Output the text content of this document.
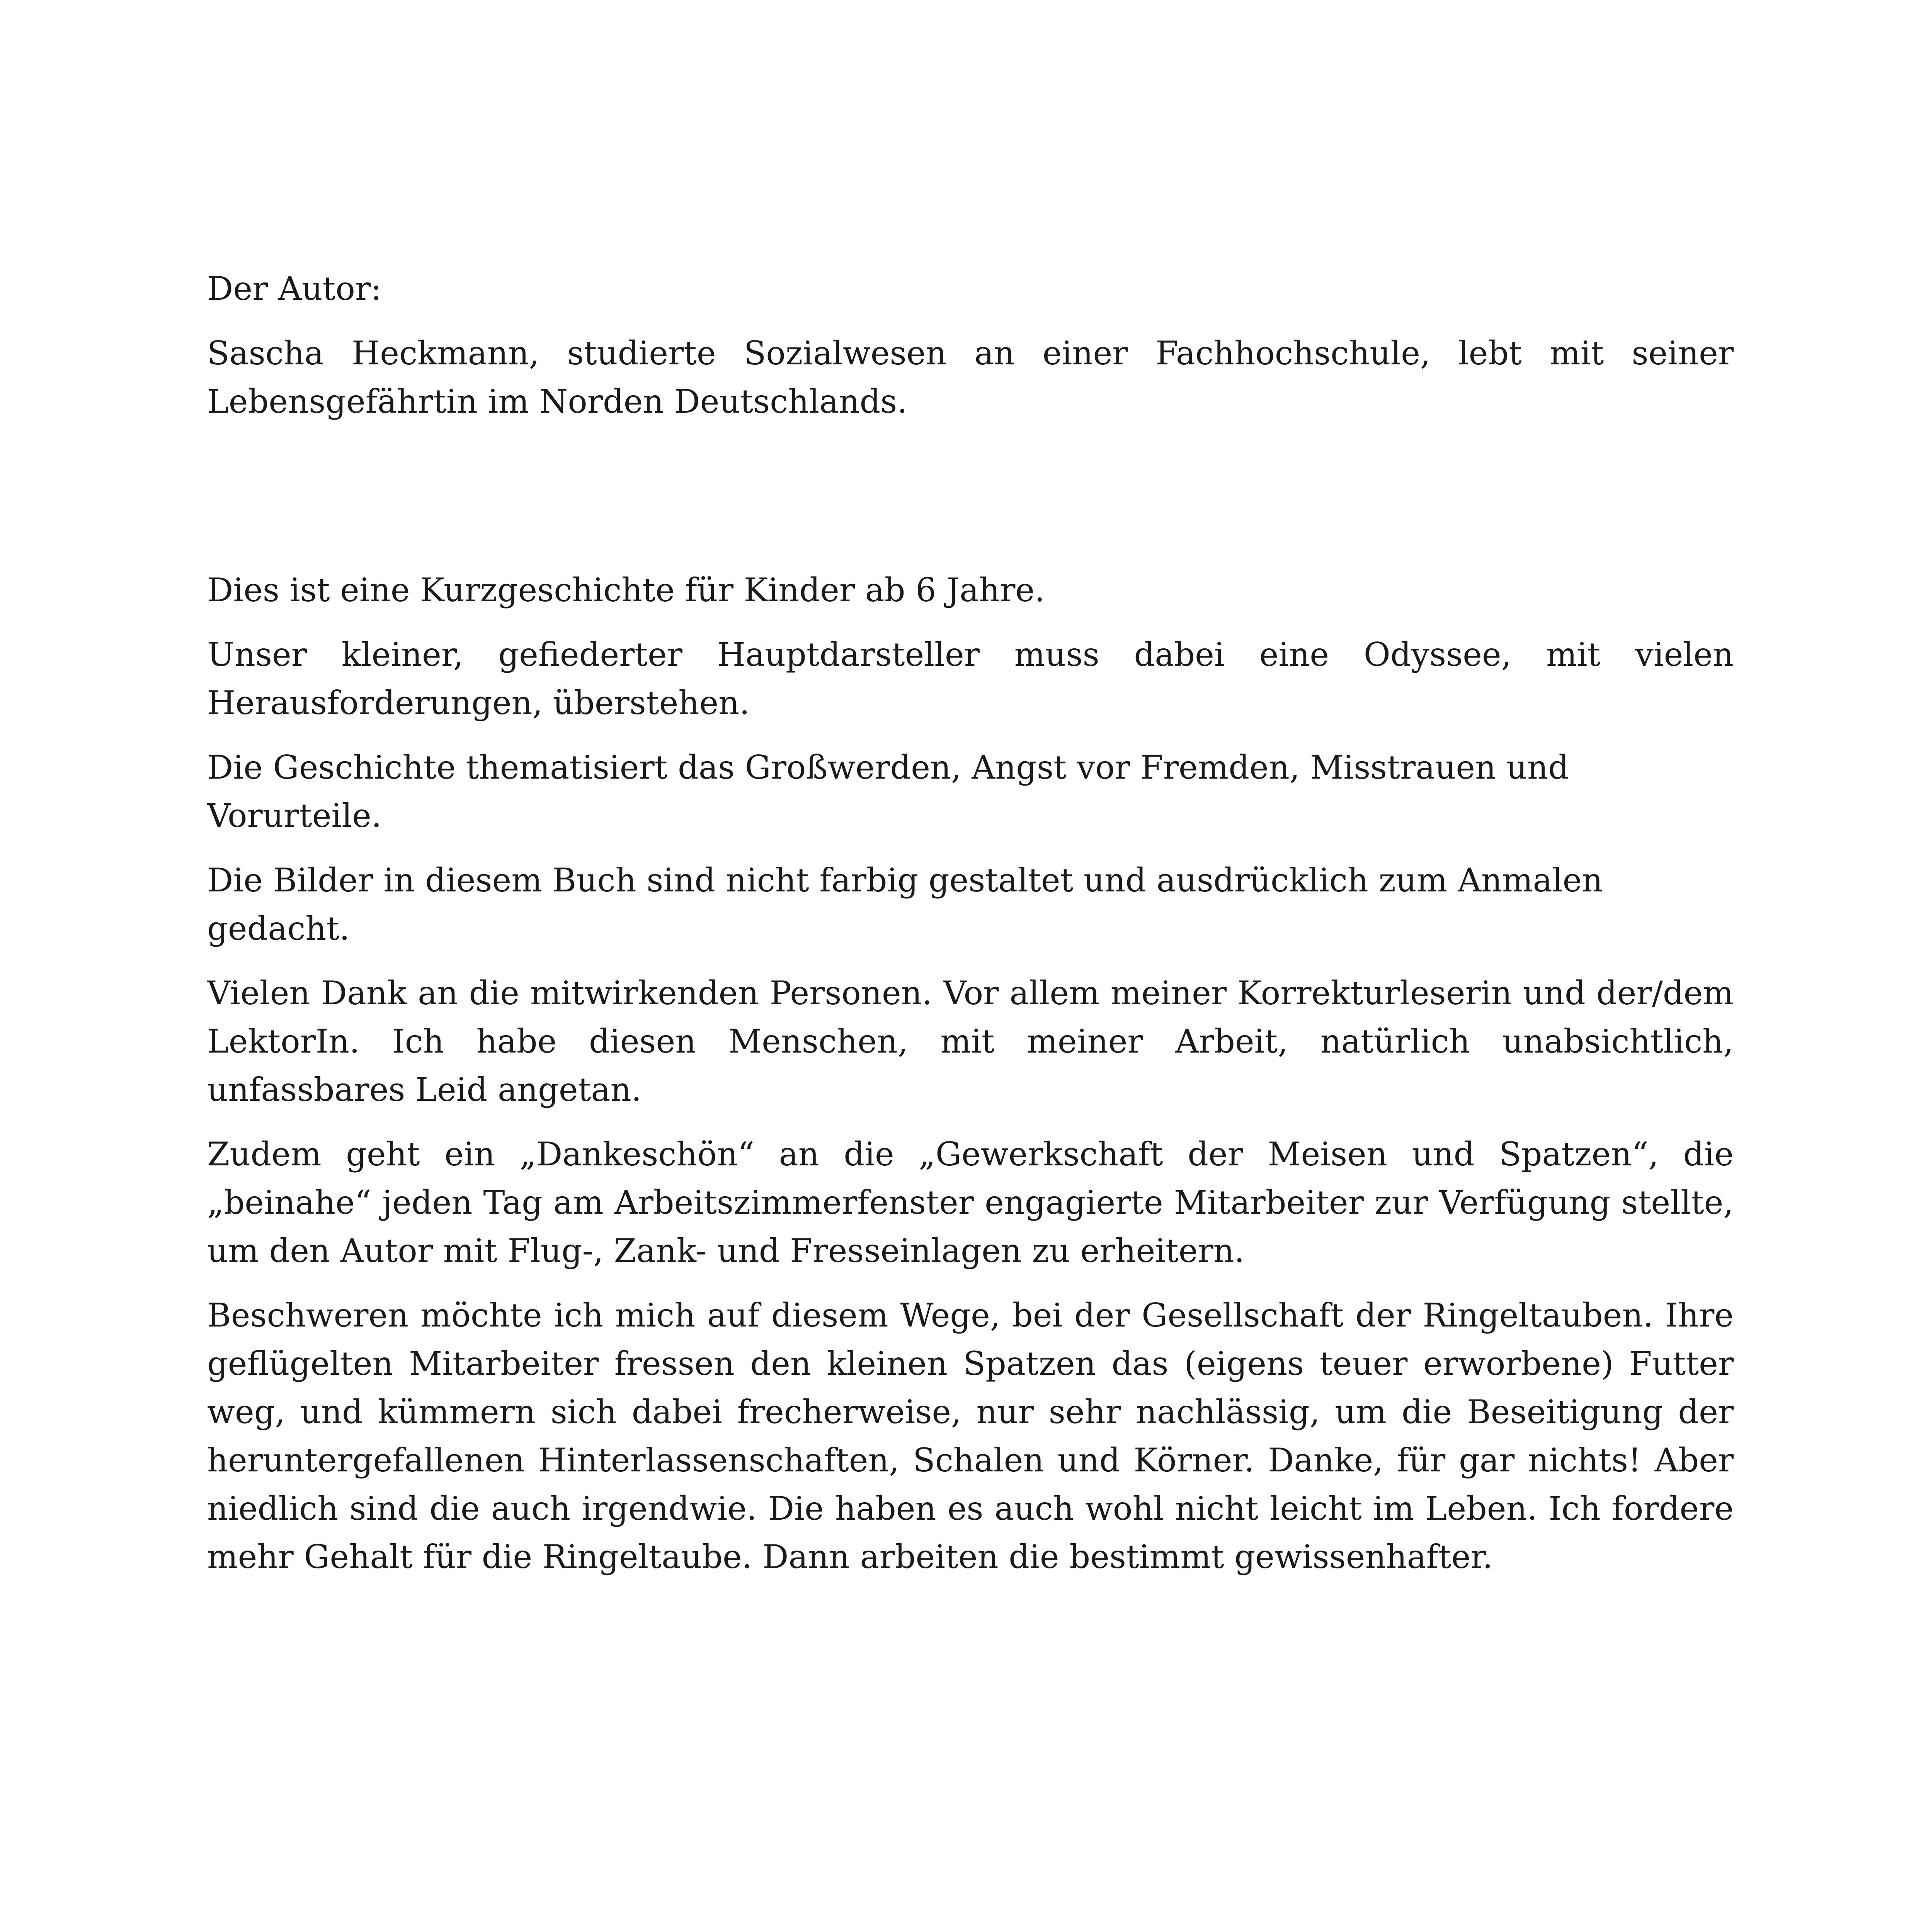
Der Autor:

Sascha Heckmann, studierte Sozialwesen an einer Fachhochschule, lebt mit seiner Lebensgefährtin im Norden Deutschlands.

Dies ist eine Kurzgeschichte für Kinder ab 6 Jahre.

Unser kleiner, gefiederter Hauptdarsteller muss dabei eine Odyssee, mit vielen Herausforderungen, überstehen.

Die Geschichte thematisiert das Großwerden, Angst vor Fremden, Misstrauen und Vorurteile.

Die Bilder in diesem Buch sind nicht farbig gestaltet und ausdrücklich zum Anmalen gedacht.

Vielen Dank an die mitwirkenden Personen. Vor allem meiner Korrekturleserin und der/dem LektorIn. Ich habe diesen Menschen, mit meiner Arbeit, natürlich unabsichtlich, unfassbares Leid angetan.

Zudem geht ein „Dankeschön“ an die „Gewerkschaft der Meisen und Spatzen“, die „beinahe“ jeden Tag am Arbeitszimmerfenster engagierte Mitarbeiter zur Verfügung stellte, um den Autor mit Flug-, Zank- und Fresseinlagen zu erheitern.

Beschweren möchte ich mich auf diesem Wege, bei der Gesellschaft der Ringeltauben. Ihre geflügelten Mitarbeiter fressen den kleinen Spatzen das (eigens teuer erworbene) Futter weg, und kümmern sich dabei frecherweise, nur sehr nachlässig, um die Beseitigung der heruntergefallenen Hinterlassenschaften, Schalen und Körner. Danke, für gar nichts! Aber niedlich sind die auch irgendwie. Die haben es auch wohl nicht leicht im Leben. Ich fordere mehr Gehalt für die Ringeltaube. Dann arbeiten die bestimmt gewissenhafter.
